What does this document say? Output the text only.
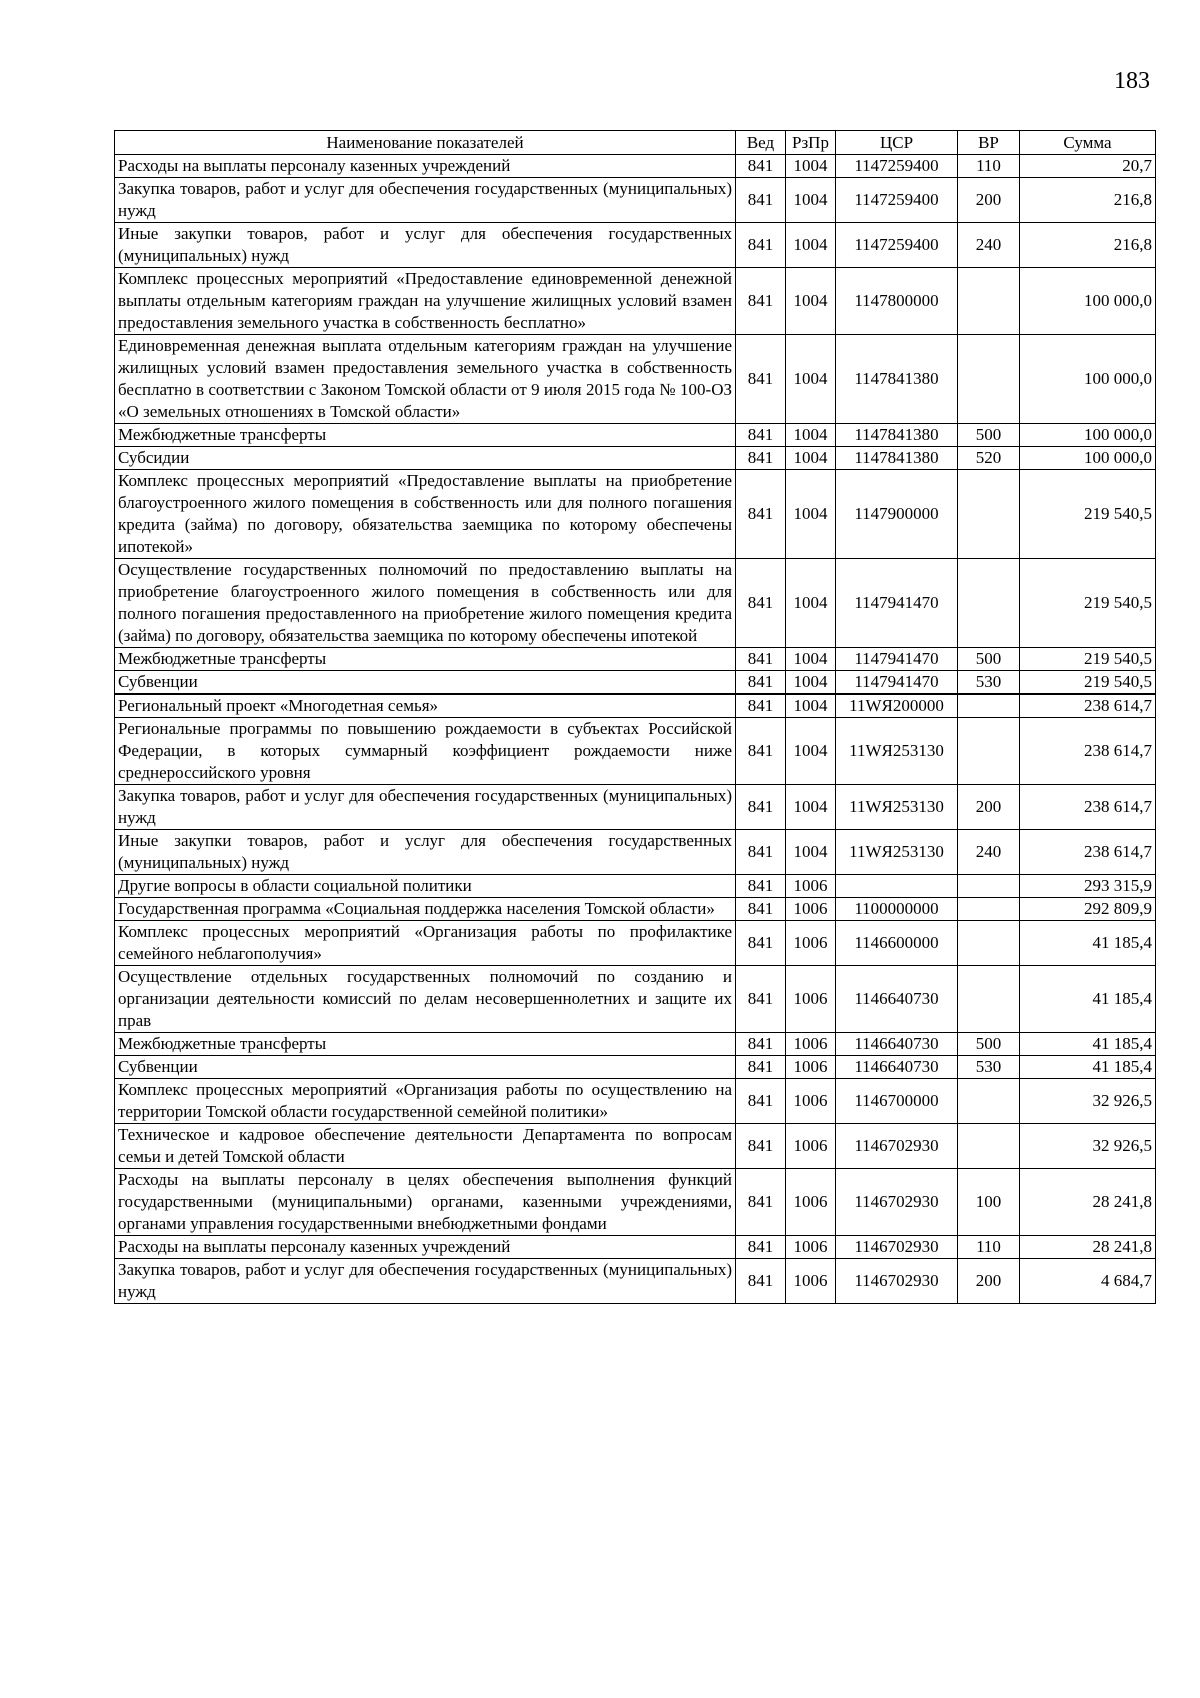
183
Наименование показателей	Вед	РзПр	ЦСР	ВР	Сумма
Расходы на выплаты персоналу казенных учреждений	841	1004	1147259400	110	20,7
Закупка товаров, работ и услуг для обеспечения государственных (муниципальных) нужд	841	1004	1147259400	200	216,8
Иные закупки товаров, работ и услуг для обеспечения государственных (муниципальных) нужд	841	1004	1147259400	240	216,8
Комплекс процессных мероприятий «Предоставление единовременной денежной выплаты отдельным категориям граждан на улучшение жилищных условий взамен предоставления земельного участка в собственность бесплатно»	841	1004	1147800000		100 000,0
Единовременная денежная выплата отдельным категориям граждан на улучшение жилищных условий взамен предоставления земельного участка в собственность бесплатно в соответствии с Законом Томской области от 9 июля 2015 года № 100-ОЗ «О земельных отношениях в Томской области»	841	1004	1147841380		100 000,0
Межбюджетные трансферты	841	1004	1147841380	500	100 000,0
Субсидии	841	1004	1147841380	520	100 000,0
Комплекс процессных мероприятий «Предоставление выплаты на приобретение благоустроенного жилого помещения в собственность или для полного погашения кредита (займа) по договору, обязательства заемщика по которому обеспечены ипотекой»	841	1004	1147900000		219 540,5
Осуществление государственных полномочий по предоставлению выплаты на приобретение благоустроенного жилого помещения в собственность или для полного погашения предоставленного на приобретение жилого помещения кредита (займа) по договору, обязательства заемщика по которому обеспечены ипотекой	841	1004	1147941470		219 540,5
Межбюджетные трансферты	841	1004	1147941470	500	219 540,5
Субвенции	841	1004	1147941470	530	219 540,5
Региональный проект «Многодетная семья»	841	1004	11WЯ200000		238 614,7
Региональные программы по повышению рождаемости в субъектах Российской Федерации, в которых суммарный коэффициент рождаемости ниже среднероссийского уровня	841	1004	11WЯ253130		238 614,7
Закупка товаров, работ и услуг для обеспечения государственных (муниципальных) нужд	841	1004	11WЯ253130	200	238 614,7
Иные закупки товаров, работ и услуг для обеспечения государственных (муниципальных) нужд	841	1004	11WЯ253130	240	238 614,7
Другие вопросы в области социальной политики	841	1006			293 315,9
Государственная программа «Социальная поддержка населения Томской области»	841	1006	1100000000		292 809,9
Комплекс процессных мероприятий «Организация работы по профилактике семейного неблагополучия»	841	1006	1146600000		41 185,4
Осуществление отдельных государственных полномочий по созданию и организации деятельности комиссий по делам несовершеннолетних и защите их прав	841	1006	1146640730		41 185,4
Межбюджетные трансферты	841	1006	1146640730	500	41 185,4
Субвенции	841	1006	1146640730	530	41 185,4
Комплекс процессных мероприятий «Организация работы по осуществлению на территории Томской области государственной семейной политики»	841	1006	1146700000		32 926,5
Техническое и кадровое обеспечение деятельности Департамента по вопросам семьи и детей Томской области	841	1006	1146702930		32 926,5
Расходы на выплаты персоналу в целях обеспечения выполнения функций государственными (муниципальными) органами, казенными учреждениями, органами управления государственными внебюджетными фондами	841	1006	1146702930	100	28 241,8
Расходы на выплаты персоналу казенных учреждений	841	1006	1146702930	110	28 241,8
Закупка товаров, работ и услуг для обеспечения государственных (муниципальных) нужд	841	1006	1146702930	200	4 684,7
